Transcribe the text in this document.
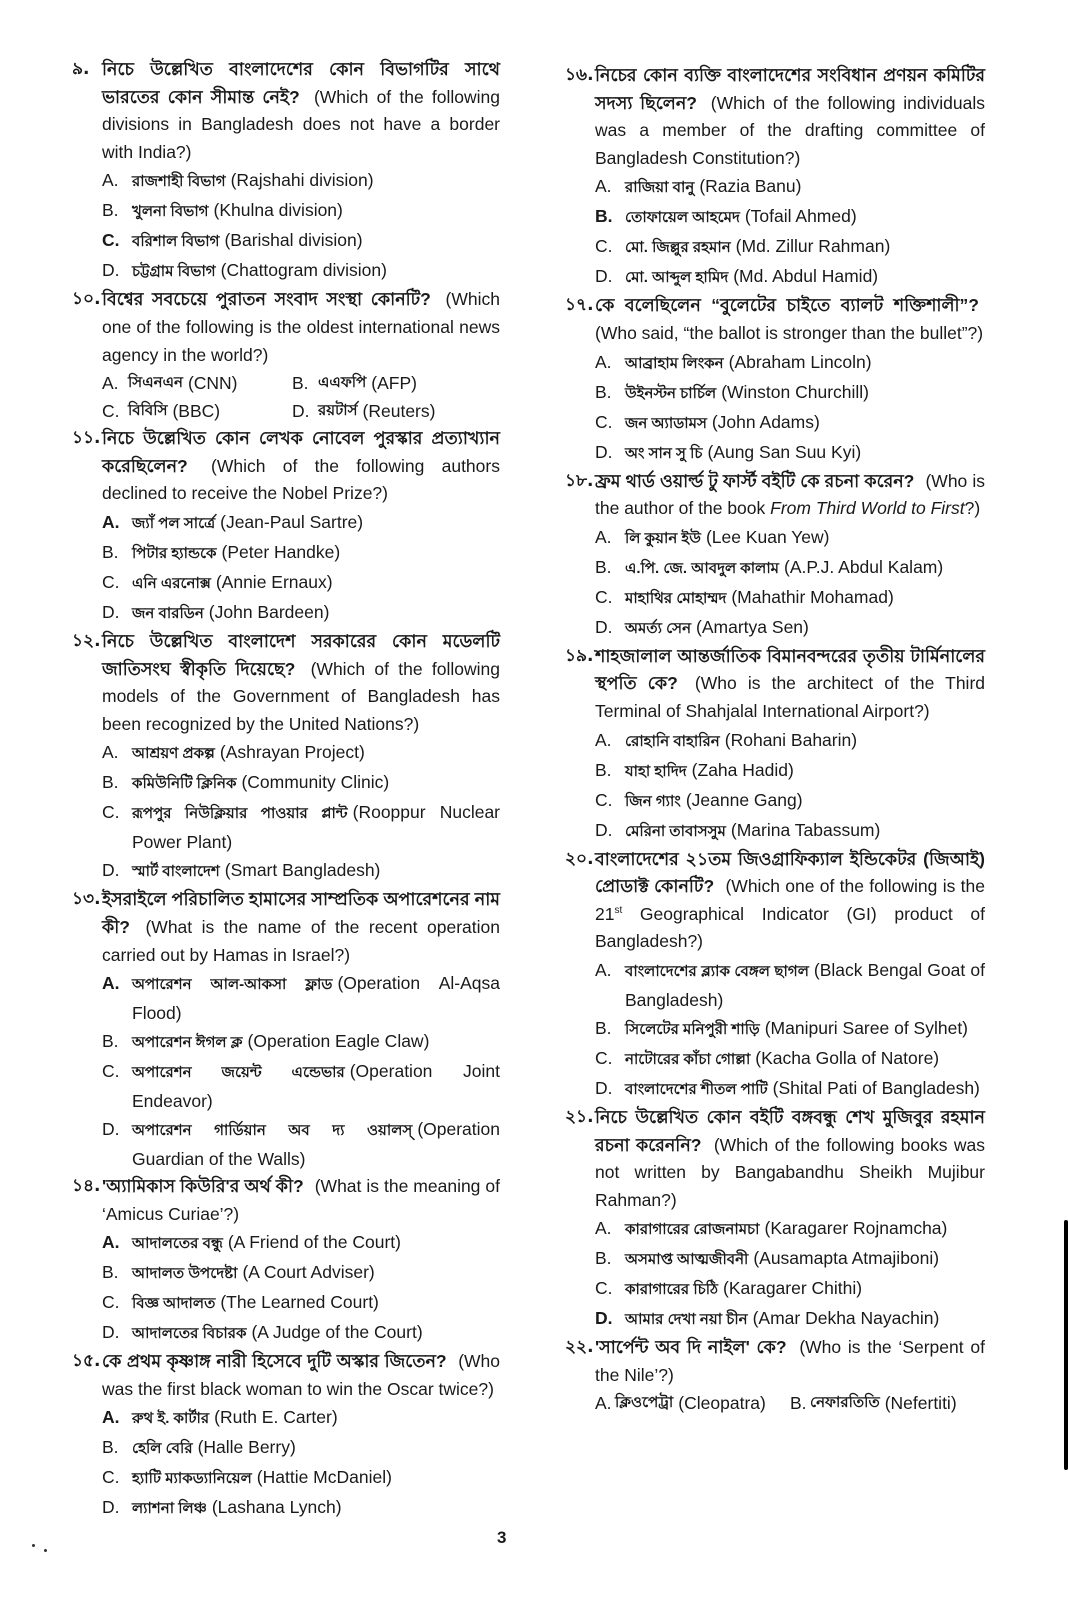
৯. নিচে উল্লেখিত বাংলাদেশের কোন বিভাগটির সাথে ভারতের কোন সীমান্ত নেই? (Which of the following divisions in Bangladesh does not have a border with India?)
A. রাজশাহী বিভাগ (Rajshahi division)
B. খুলনা বিভাগ (Khulna division)
C. বরিশাল বিভাগ (Barishal division)
D. চট্টগ্রাম বিভাগ (Chattogram division)
১০. বিশ্বের সবচেয়ে পুরাতন সংবাদ সংস্থা কোনটি? (Which one of the following is the oldest international news agency in the world?)
A. সিএনএন (CNN)	B. এএফপি (AFP)
C. বিবিসি (BBC)	D. রয়টার্স (Reuters)
১১. নিচে উল্লেখিত কোন লেখক নোবেল পুরস্কার প্রত্যাখ্যান করেছিলেন? (Which of the following authors declined to receive the Nobel Prize?)
A. জ্যাঁ পল সার্ত্রে (Jean-Paul Sartre)
B. পিটার হ্যান্ডকে (Peter Handke)
C. এনি এরনোক্স (Annie Ernaux)
D. জন বারডিন (John Bardeen)
১২. নিচে উল্লেখিত বাংলাদেশ সরকারের কোন মডেলটি জাতিসংঘ স্বীকৃতি দিয়েছে? (Which of the following models of the Government of Bangladesh has been recognized by the United Nations?)
A. আশ্রয়ণ প্রকল্প (Ashrayan Project)
B. কমিউনিটি ক্লিনিক (Community Clinic)
C. রূপপুর নিউক্লিয়ার পাওয়ার প্লান্ট (Rooppur Nuclear Power Plant)
D. স্মার্ট বাংলাদেশ (Smart Bangladesh)
১৩. ইসরাইলে পরিচালিত হামাসের সাম্প্রতিক অপারেশনের নাম কী? (What is the name of the recent operation carried out by Hamas in Israel?)
A. অপারেশন আল-আকসা ফ্লাড (Operation Al-Aqsa Flood)
B. অপারেশন ঈগল ক্ল (Operation Eagle Claw)
C. অপারেশন জয়েন্ট এন্ডেভার (Operation Joint Endeavor)
D. অপারেশন গার্ডিয়ান অব দ্য ওয়ালস্ (Operation Guardian of the Walls)
১৪. 'অ্যামিকাস কিউরি'র অর্থ কী? (What is the meaning of ‘Amicus Curiae’?)
A. আদালতের বন্ধু (A Friend of the Court)
B. আদালত উপদেষ্টা (A Court Adviser)
C. বিজ্ঞ আদালত (The Learned Court)
D. আদালতের বিচারক (A Judge of the Court)
১৫. কে প্রথম কৃষ্ণাঙ্গ নারী হিসেবে দুটি অস্কার জিতেন? (Who was the first black woman to win the Oscar twice?)
A. রুথ ই. কার্টার (Ruth E. Carter)
B. হেলি বেরি (Halle Berry)
C. হ্যাটি ম্যাকড্যানিয়েল (Hattie McDaniel)
D. ল্যাশনা লিঞ্চ (Lashana Lynch)
১৬. নিচের কোন ব্যক্তি বাংলাদেশের সংবিধান প্রণয়ন কমিটির সদস্য ছিলেন? (Which of the following individuals was a member of the drafting committee of Bangladesh Constitution?)
A. রাজিয়া বানু (Razia Banu)
B. তোফায়েল আহমেদ (Tofail Ahmed)
C. মো. জিল্লুর রহমান (Md. Zillur Rahman)
D. মো. আব্দুল হামিদ (Md. Abdul Hamid)
১৭. কে বলেছিলেন “বুলেটের চাইতে ব্যালট শক্তিশালী”? (Who said, “the ballot is stronger than the bullet”?)
A. আব্রাহাম লিংকন (Abraham Lincoln)
B. উইনস্টন চার্চিল (Winston Churchill)
C. জন অ্যাডামস (John Adams)
D. অং সান সু চি (Aung San Suu Kyi)
১৮. ফ্রম থার্ড ওয়ার্ল্ড টু ফার্স্ট বইটি কে রচনা করেন? (Who is the author of the book From Third World to First?)
A. লি কুয়ান ইউ (Lee Kuan Yew)
B. এ.পি. জে. আবদুল কালাম (A.P.J. Abdul Kalam)
C. মাহাথির মোহাম্মদ (Mahathir Mohamad)
D. অমর্ত্য সেন (Amartya Sen)
১৯. শাহজালাল আন্তর্জাতিক বিমানবন্দরের তৃতীয় টার্মিনালের স্থপতি কে? (Who is the architect of the Third Terminal of Shahjalal International Airport?)
A. রোহানি বাহারিন (Rohani Baharin)
B. যাহা হাদিদ (Zaha Hadid)
C. জিন গ্যাং (Jeanne Gang)
D. মেরিনা তাবাসসুম (Marina Tabassum)
২০. বাংলাদেশের ২১তম জিওগ্রাফিক্যাল ইন্ডিকেটর (জিআই) প্রোডাক্ট কোনটি? (Which one of the following is the 21st Geographical Indicator (GI) product of Bangladesh?)
A. বাংলাদেশের ব্ল্যাক বেঙ্গল ছাগল (Black Bengal Goat of Bangladesh)
B. সিলেটের মনিপুরী শাড়ি (Manipuri Saree of Sylhet)
C. নাটোরের কাঁচা গোল্লা (Kacha Golla of Natore)
D. বাংলাদেশের শীতল পাটি (Shital Pati of Bangladesh)
২১. নিচে উল্লেখিত কোন বইটি বঙ্গবন্ধু শেখ মুজিবুর রহমান রচনা করেননি? (Which of the following books was not written by Bangabandhu Sheikh Mujibur Rahman?)
A. কারাগারের রোজনামচা (Karagarer Rojnamcha)
B. অসমাপ্ত আত্মজীবনী (Ausamapta Atmajiboni)
C. কারাগারের চিঠি (Karagarer Chithi)
D. আমার দেখা নয়া চীন (Amar Dekha Nayachin)
২২. 'সার্পেন্ট অব দি নাইল' কে? (Who is the ‘Serpent of the Nile’?)
A. ক্লিওপেট্রা (Cleopatra) B. নেফারতিতি (Nefertiti)
3
